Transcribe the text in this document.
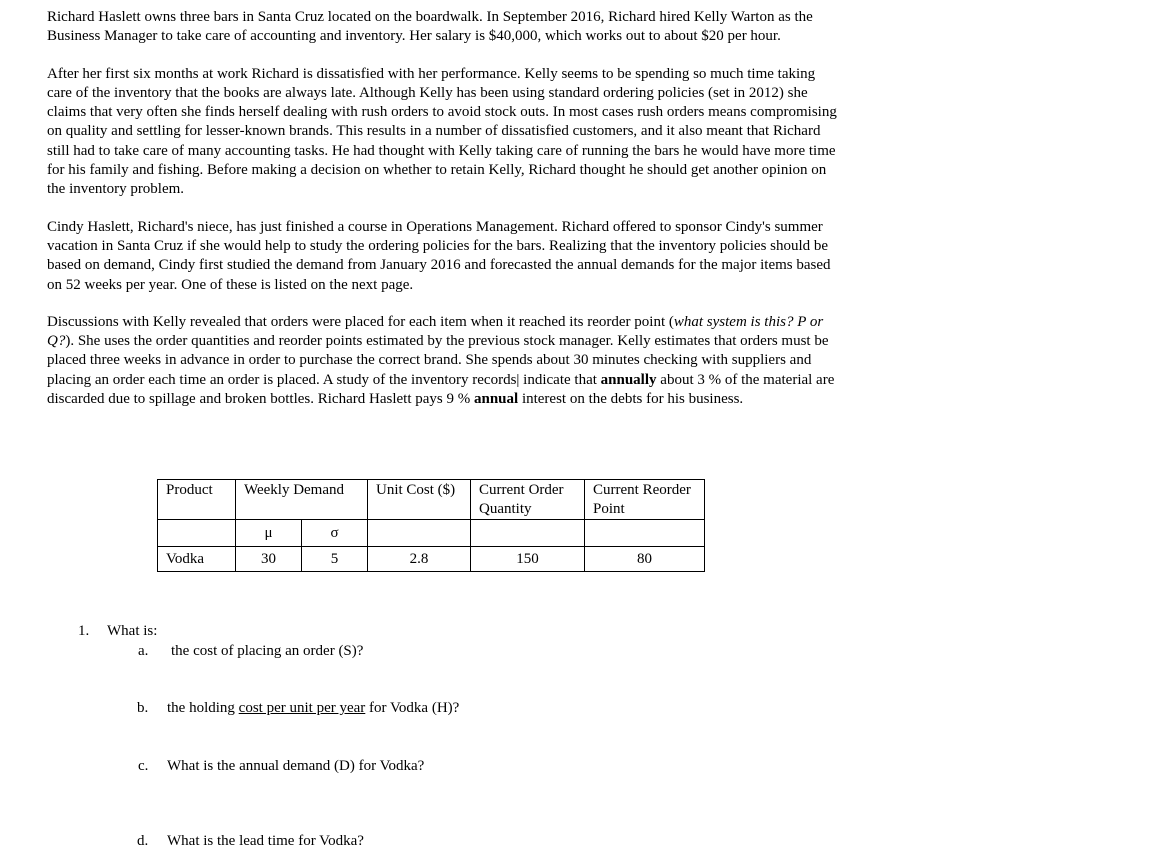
Richard Haslett owns three bars in Santa Cruz located on the boardwalk. In September 2016, Richard hired Kelly Warton as the Business Manager to take care of accounting and inventory. Her salary is $40,000, which works out to about $20 per hour.

After her first six months at work Richard is dissatisfied with her performance. Kelly seems to be spending so much time taking care of the inventory that the books are always late. Although Kelly has been using standard ordering policies (set in 2012) she claims that very often she finds herself dealing with rush orders to avoid stock outs. In most cases rush orders means compromising on quality and settling for lesser-known brands. This results in a number of dissatisfied customers, and it also meant that Richard still had to take care of many accounting tasks. He had thought with Kelly taking care of running the bars he would have more time for his family and fishing. Before making a decision on whether to retain Kelly, Richard thought he should get another opinion on the inventory problem.

Cindy Haslett, Richard's niece, has just finished a course in Operations Management. Richard offered to sponsor Cindy's summer vacation in Santa Cruz if she would help to study the ordering policies for the bars. Realizing that the inventory policies should be based on demand, Cindy first studied the demand from January 2016 and forecasted the annual demands for the major items based on 52 weeks per year. One of these is listed on the next page.

Discussions with Kelly revealed that orders were placed for each item when it reached its reorder point (what system is this? P or Q?). She uses the order quantities and reorder points estimated by the previous stock manager. Kelly estimates that orders must be placed three weeks in advance in order to purchase the correct brand. She spends about 30 minutes checking with suppliers and placing an order each time an order is placed. A study of the inventory records| indicate that annually about 3 % of the material are discarded due to spillage and broken bottles. Richard Haslett pays 9 % annual interest on the debts for his business.

Product	Weekly Demand		Unit Cost ($)	Current Order Quantity	Current Reorder Point
	μ	σ			
Vodka	30	5	2.8	150	80
1. What is:
a. the cost of placing an order (S)?
b. the holding cost per unit per year for Vodka (H)?
c. What is the annual demand (D) for Vodka?
d. What is the lead time for Vodka?
